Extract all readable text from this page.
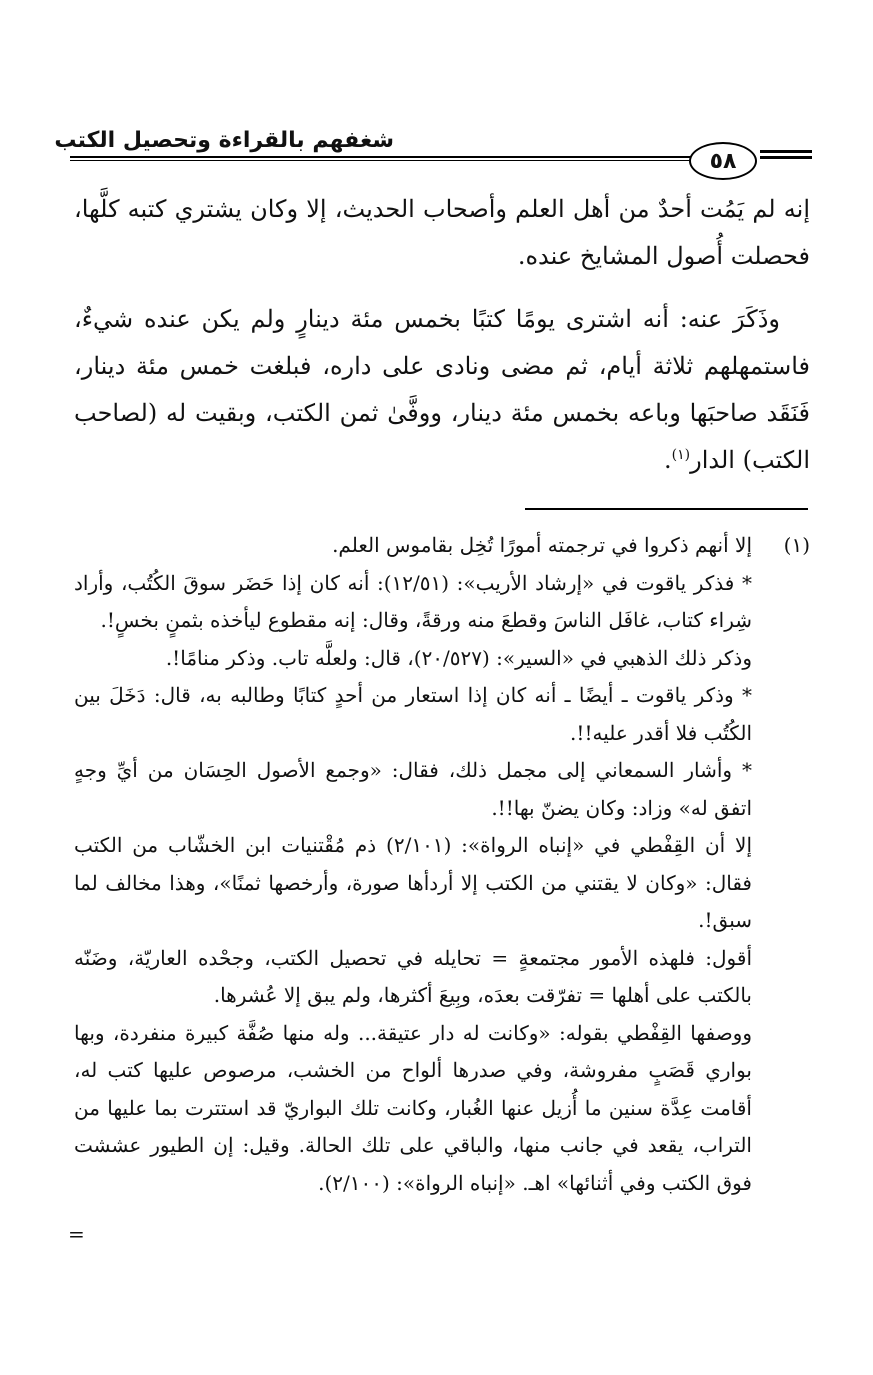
شغفهم بالقراءة وتحصيل الكتب
٥٨

إنه لم يَمُت أحدٌ من أهل العلم وأصحاب الحديث، إلا وكان يشتري كتبه كلَّها، فحصلت أُصول المشايخ عنده.

وذَكَرَ عنه: أنه اشترى يومًا كتبًا بخمس مئة دينارٍ ولم يكن عنده شيءٌ، فاستمهلهم ثلاثة أيام، ثم مضى ونادى على داره، فبلغت خمس مئة دينار، فَنَقَد صاحبَها وباعه بخمس مئة دينار، ووفَّىٰ ثمن الكتب، وبقيت له (لصاحب الكتب) الدار$^{(١)}$.

(١)

إلا أنهم ذكروا في ترجمته أمورًا تُخِل بقاموس العلم.

* فذكر ياقوت في «إرشاد الأريب»: (١٢/٥١): أنه كان إذا حَضَر سوقَ الكُتُب، وأراد شِراء كتاب، غافَل الناسَ وقطعَ منه ورقةً، وقال: إنه مقطوع ليأخذه بثمنٍ بخسٍ!.

وذكر ذلك الذهبي في «السير»: (٢٠/٥٢٧)، قال: ولعلَّه تاب. وذكر منامًا!.

* وذكر ياقوت ـ أيضًا ـ أنه كان إذا استعار من أحدٍ كتابًا وطالبه به، قال: دَخَلَ بين الكُتُب فلا أقدر عليه!!.

* وأشار السمعاني إلى مجمل ذلك، فقال: «وجمع الأصول الحِسَان من أيِّ وجهٍ اتفق له» وزاد: وكان يضنّ بها!!.

إلا أن القِفْطي في «إنباه الرواة»: (٢/١٠١) ذم مُقْتنيات ابن الخشّاب من الكتب فقال: «وكان لا يقتني من الكتب إلا أردأها صورة، وأرخصها ثمنًا»، وهذا مخالف لما سبق!.

أقول: فلهذه الأمور مجتمعةٍ = تحايله في تحصيل الكتب، وجحْده العاريّة، وضَنّه بالكتب على أهلها = تفرّقت بعدَه، وبِيعَ أكثرها، ولم يبق إلا عُشرها.

ووصفها القِفْطي بقوله: «وكانت له دار عتيقة... وله منها صُفَّة كبيرة منفردة، وبها بواري قَصَبٍ مفروشة، وفي صدرها ألواح من الخشب، مرصوص عليها كتب له، أقامت عِدَّة سنين ما أُزيل عنها الغُبار، وكانت تلك البواريّ قد استترت بما عليها من التراب، يقعد في جانب منها، والباقي على تلك الحالة. وقيل: إن الطيور عششت فوق الكتب وفي أثنائها» اهـ. «إنباه الرواة»: (٢/١٠٠).

=
